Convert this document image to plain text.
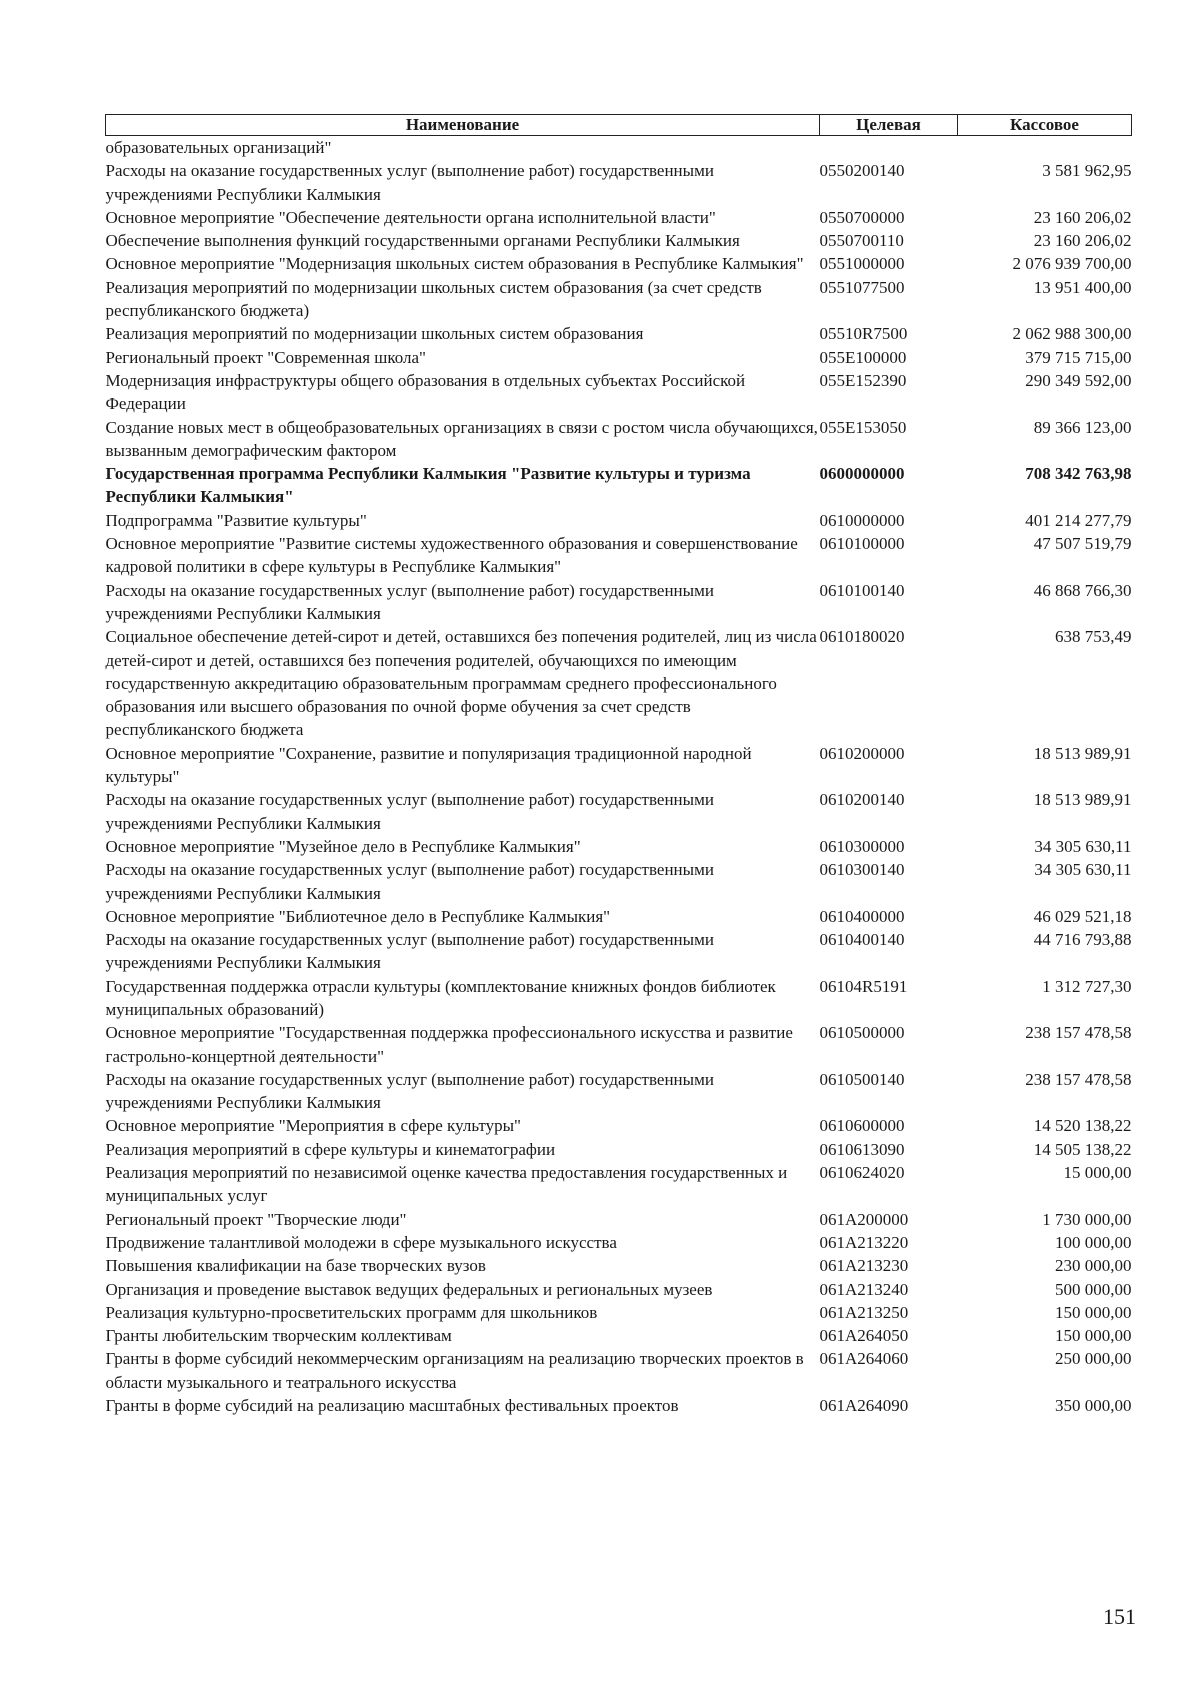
Наименование	Целевая	Кассовое
образовательных организаций"		
Расходы на оказание государственных услуг (выполнение работ) государственными учреждениями Республики Калмыкия	0550200140	3 581 962,95
Основное мероприятие "Обеспечение деятельности органа исполнительной власти"	0550700000	23 160 206,02
Обеспечение выполнения функций государственными органами Республики Калмыкия	0550700110	23 160 206,02
Основное мероприятие "Модернизация школьных систем образования в Республике Калмыкия"	0551000000	2 076 939 700,00
Реализация мероприятий по модернизации школьных систем образования (за счет средств республиканского бюджета)	0551077500	13 951 400,00
Реализация мероприятий по модернизации школьных систем образования	05510R7500	2 062 988 300,00
Региональный проект "Современная школа"	055E100000	379 715 715,00
Модернизация инфраструктуры общего образования в отдельных субъектах Российской Федерации	055E152390	290 349 592,00
Создание новых мест в общеобразовательных организациях в связи с ростом числа обучающихся, вызванным демографическим фактором	055E153050	89 366 123,00
Государственная программа Республики Калмыкия "Развитие культуры и туризма Республики Калмыкия"	0600000000	708 342 763,98
Подпрограмма "Развитие культуры"	0610000000	401 214 277,79
Основное мероприятие "Развитие системы художественного образования и совершенствование кадровой политики в сфере культуры в Республике Калмыкия"	0610100000	47 507 519,79
Расходы на оказание государственных услуг (выполнение работ) государственными учреждениями Республики Калмыкия	0610100140	46 868 766,30
Социальное обеспечение детей-сирот и детей, оставшихся без попечения родителей, лиц из числа детей-сирот и детей, оставшихся без попечения родителей, обучающихся по имеющим государственную аккредитацию образовательным программам среднего профессионального образования или высшего образования по очной форме обучения за счет средств республиканского бюджета	0610180020	638 753,49
Основное мероприятие "Сохранение, развитие и популяризация традиционной народной культуры"	0610200000	18 513 989,91
Расходы на оказание государственных услуг (выполнение работ) государственными учреждениями Республики Калмыкия	0610200140	18 513 989,91
Основное мероприятие "Музейное дело в Республике Калмыкия"	0610300000	34 305 630,11
Расходы на оказание государственных услуг (выполнение работ) государственными учреждениями Республики Калмыкия	0610300140	34 305 630,11
Основное мероприятие "Библиотечное дело в Республике Калмыкия"	0610400000	46 029 521,18
Расходы на оказание государственных услуг (выполнение работ) государственными учреждениями Республики Калмыкия	0610400140	44 716 793,88
Государственная поддержка отрасли культуры (комплектование книжных фондов библиотек муниципальных образований)	06104R5191	1 312 727,30
Основное мероприятие "Государственная поддержка профессионального искусства и развитие гастрольно-концертной деятельности"	0610500000	238 157 478,58
Расходы на оказание государственных услуг (выполнение работ) государственными учреждениями Республики Калмыкия	0610500140	238 157 478,58
Основное мероприятие "Мероприятия в сфере культуры"	0610600000	14 520 138,22
Реализация мероприятий в сфере культуры и кинематографии	0610613090	14 505 138,22
Реализация мероприятий по независимой оценке качества предоставления государственных и муниципальных услуг	0610624020	15 000,00
Региональный проект "Творческие люди"	061A200000	1 730 000,00
Продвижение талантливой молодежи в сфере музыкального искусства	061A213220	100 000,00
Повышения квалификации на базе творческих вузов	061A213230	230 000,00
Организация и проведение выставок ведущих федеральных и региональных музеев	061A213240	500 000,00
Реализация культурно-просветительских программ для школьников	061A213250	150 000,00
Гранты любительским творческим коллективам	061A264050	150 000,00
Гранты в форме субсидий некоммерческим организациям на реализацию творческих проектов в области музыкального и театрального искусства	061A264060	250 000,00
Гранты в форме субсидий на реализацию масштабных фестивальных проектов	061A264090	350 000,00
151
